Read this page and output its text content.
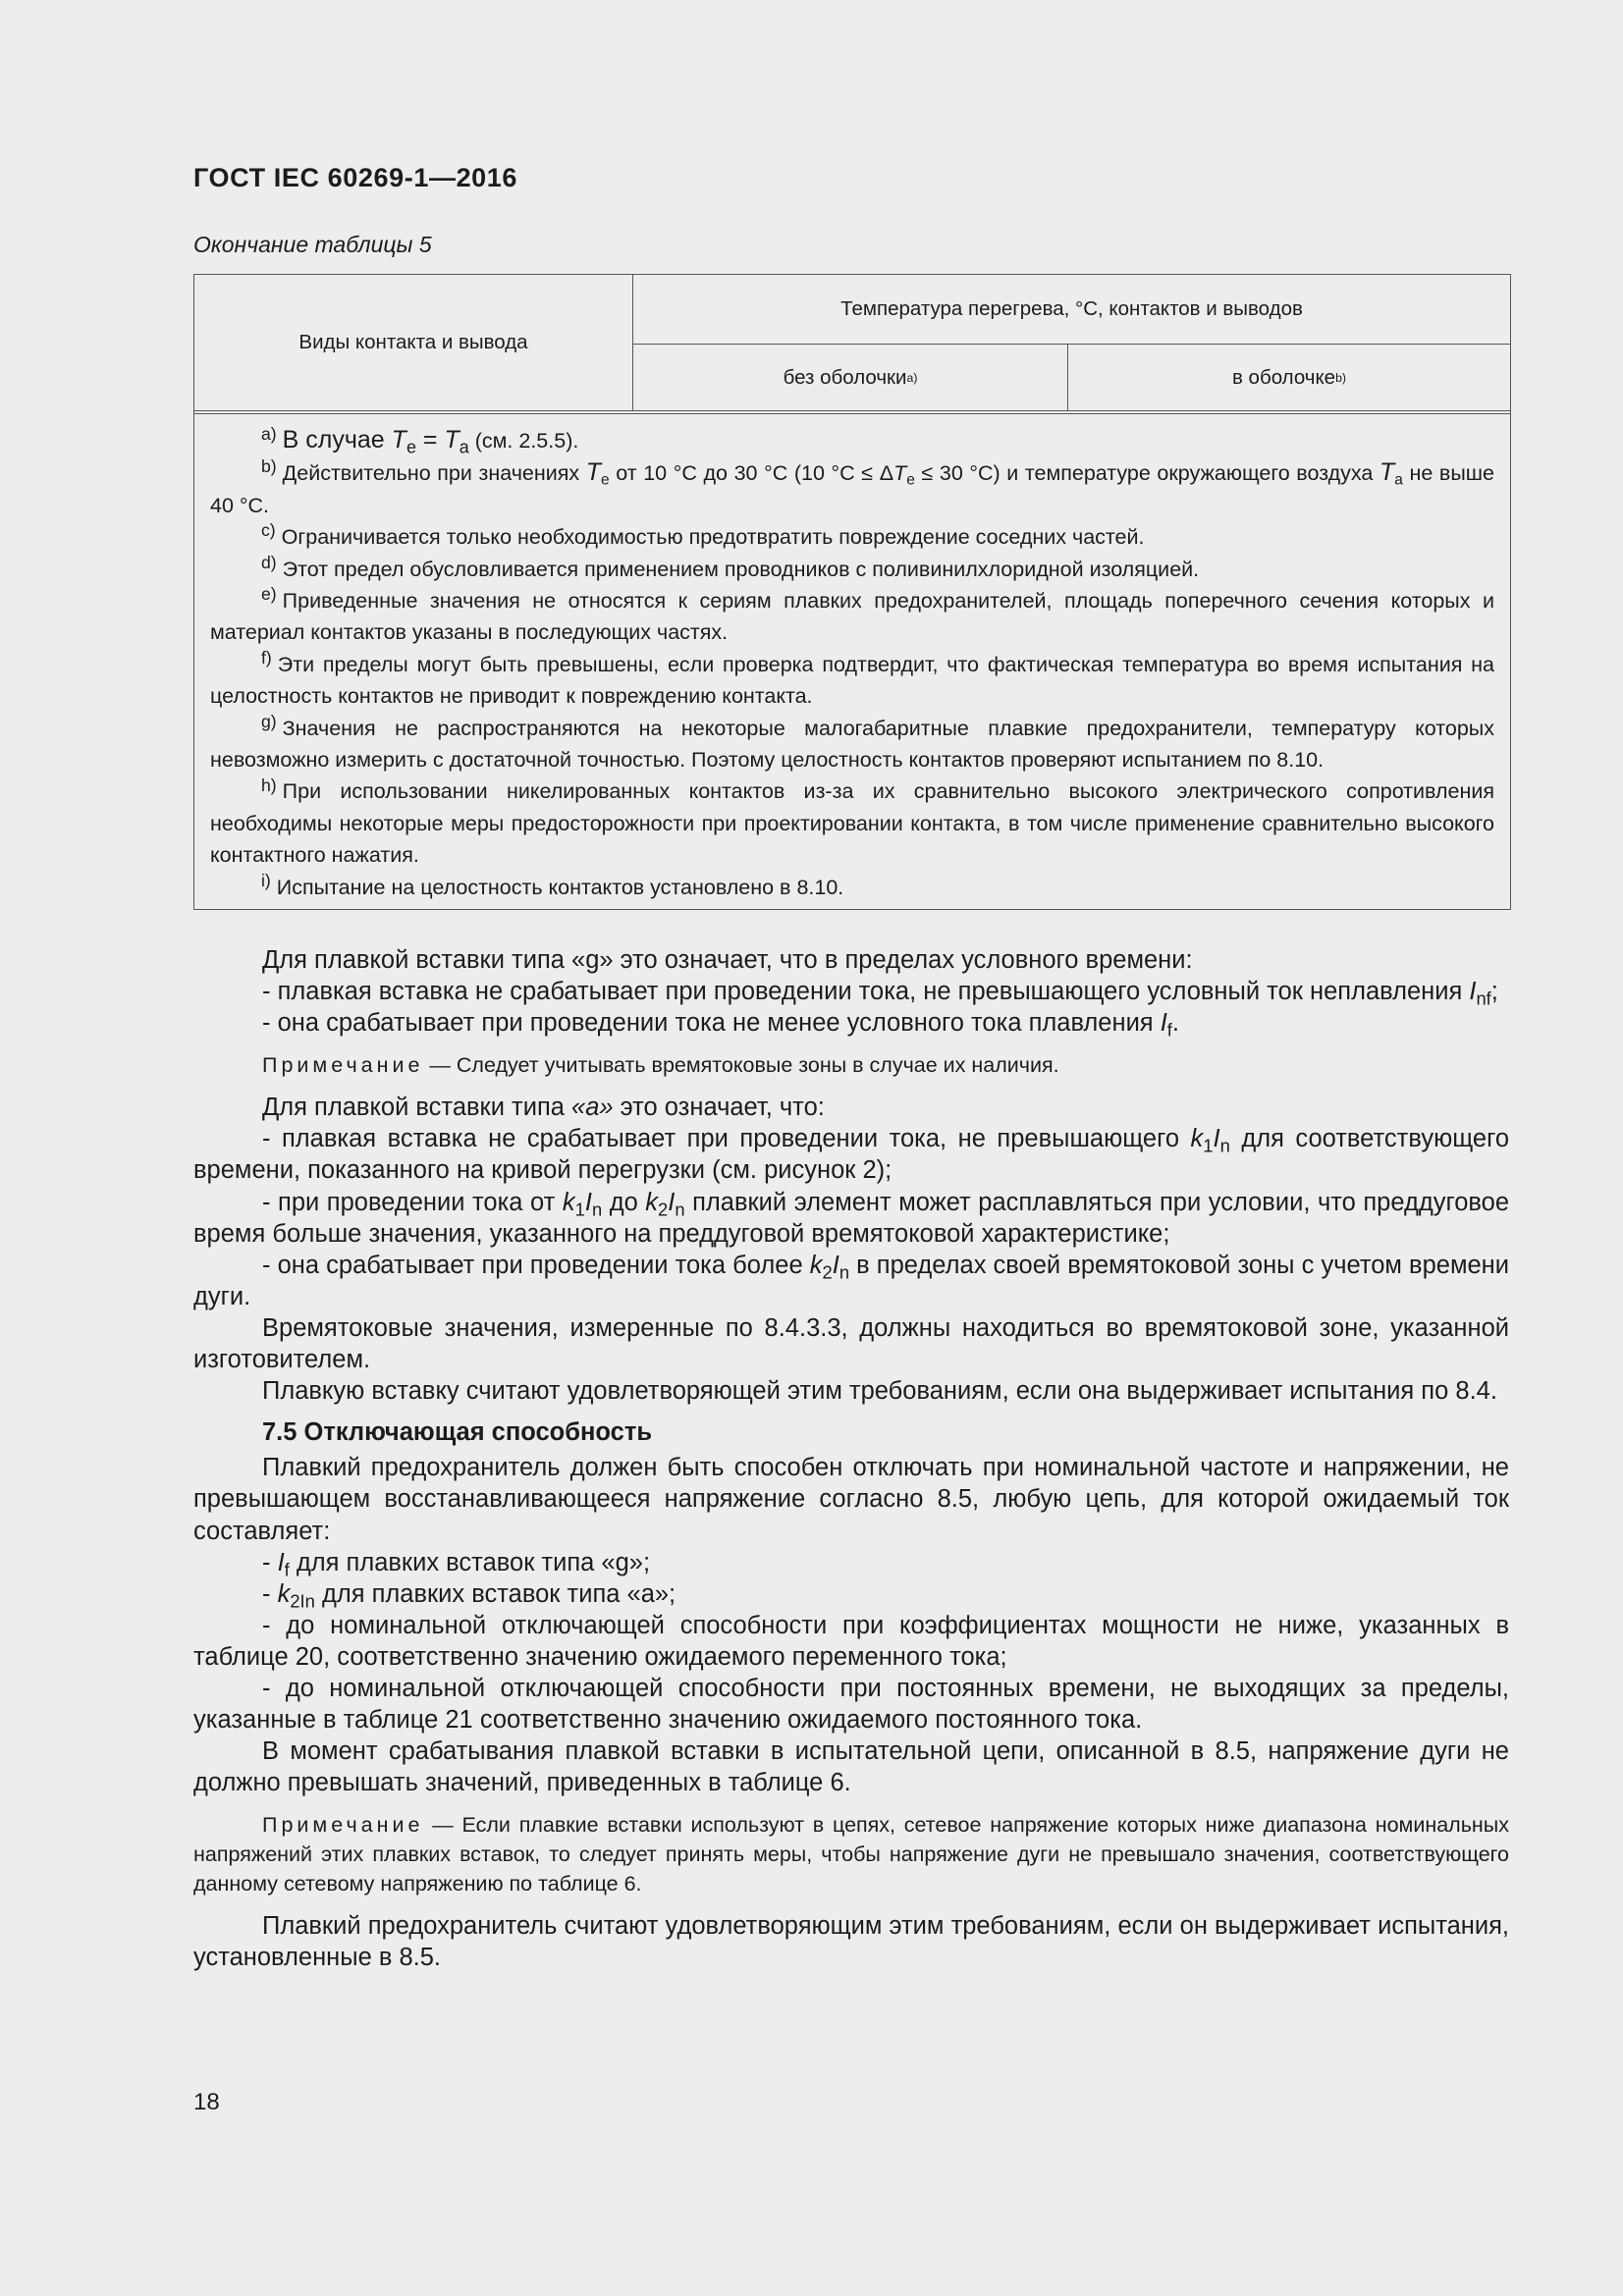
ГОСТ IEC 60269-1—2016
Окончание таблицы 5
Виды контакта и вывода
Температура перегрева, °С, контактов и выводов
без оболочки a)	в оболочке b)
a) В случае $T_e = T_a$ (см. 2.5.5).
b) Действительно при значениях $T_e$ от 10 °С до 30 °С (10 $^\circ С \le \Delta T_e \le 30$ °С) и температуре окружающего воздуха $T_a$ не выше 40 °С.
c) Ограничивается только необходимостью предотвратить повреждение соседних частей.
d) Этот предел обусловливается применением проводников с поливинилхлоридной изоляцией.
e) Приведенные значения не относятся к сериям плавких предохранителей, площадь поперечного сечения которых и материал контактов указаны в последующих частях.
f) Эти пределы могут быть превышены, если проверка подтвердит, что фактическая температура во время испытания на целостность контактов не приводит к повреждению контакта.
g) Значения не распространяются на некоторые малогабаритные плавкие предохранители, температуру которых невозможно измерить с достаточной точностью. Поэтому целостность контактов проверяют испытанием по 8.10.
h) При использовании никелированных контактов из-за их сравнительно высокого электрического сопротивления необходимы некоторые меры предосторожности при проектировании контакта, в том числе применение сравнительно высокого контактного нажатия.
i) Испытание на целостность контактов установлено в 8.10.

Для плавкой вставки типа «g» это означает, что в пределах условного времени:

- плавкая вставка не срабатывает при проведении тока, не превышающего условный ток неплавления $I_{nf}$;

- она срабатывает при проведении тока не менее условного тока плавления $I_f$.

Примечание — Следует учитывать времятоковые зоны в случае их наличия.

Для плавкой вставки типа «а» это означает, что:

- плавкая вставка не срабатывает при проведении тока, не превышающего $k_1I_n$ для соответствующего времени, показанного на кривой перегрузки (см. рисунок 2);

- при проведении тока от $k_1I_n$ до $k_2I_n$ плавкий элемент может расплавляться при условии, что преддуговое время больше значения, указанного на преддуговой времятоковой характеристике;

- она срабатывает при проведении тока более $k_2I_n$ в пределах своей времятоковой зоны с учетом времени дуги.

Времятоковые значения, измеренные по 8.4.3.3, должны находиться во времятоковой зоне, указанной изготовителем.

Плавкую вставку считают удовлетворяющей этим требованиям, если она выдерживает испытания по 8.4.

7.5 Отключающая способность

Плавкий предохранитель должен быть способен отключать при номинальной частоте и напряжении, не превышающем восстанавливающееся напряжение согласно 8.5, любую цепь, для которой ожидаемый ток составляет:

- $I_f$ для плавких вставок типа «g»;

- $k_{2In}$ для плавких вставок типа «а»;

- до номинальной отключающей способности при коэффициентах мощности не ниже, указанных в таблице 20, соответственно значению ожидаемого переменного тока;

- до номинальной отключающей способности при постоянных времени, не выходящих за пределы, указанные в таблице 21 соответственно значению ожидаемого постоянного тока.

В момент срабатывания плавкой вставки в испытательной цепи, описанной в 8.5, напряжение дуги не должно превышать значений, приведенных в таблице 6.

Примечание — Если плавкие вставки используют в цепях, сетевое напряжение которых ниже диапазона номинальных напряжений этих плавких вставок, то следует принять меры, чтобы напряжение дуги не превышало значения, соответствующего данному сетевому напряжению по таблице 6.

Плавкий предохранитель считают удовлетворяющим этим требованиям, если он выдерживает испытания, установленные в 8.5.

18
